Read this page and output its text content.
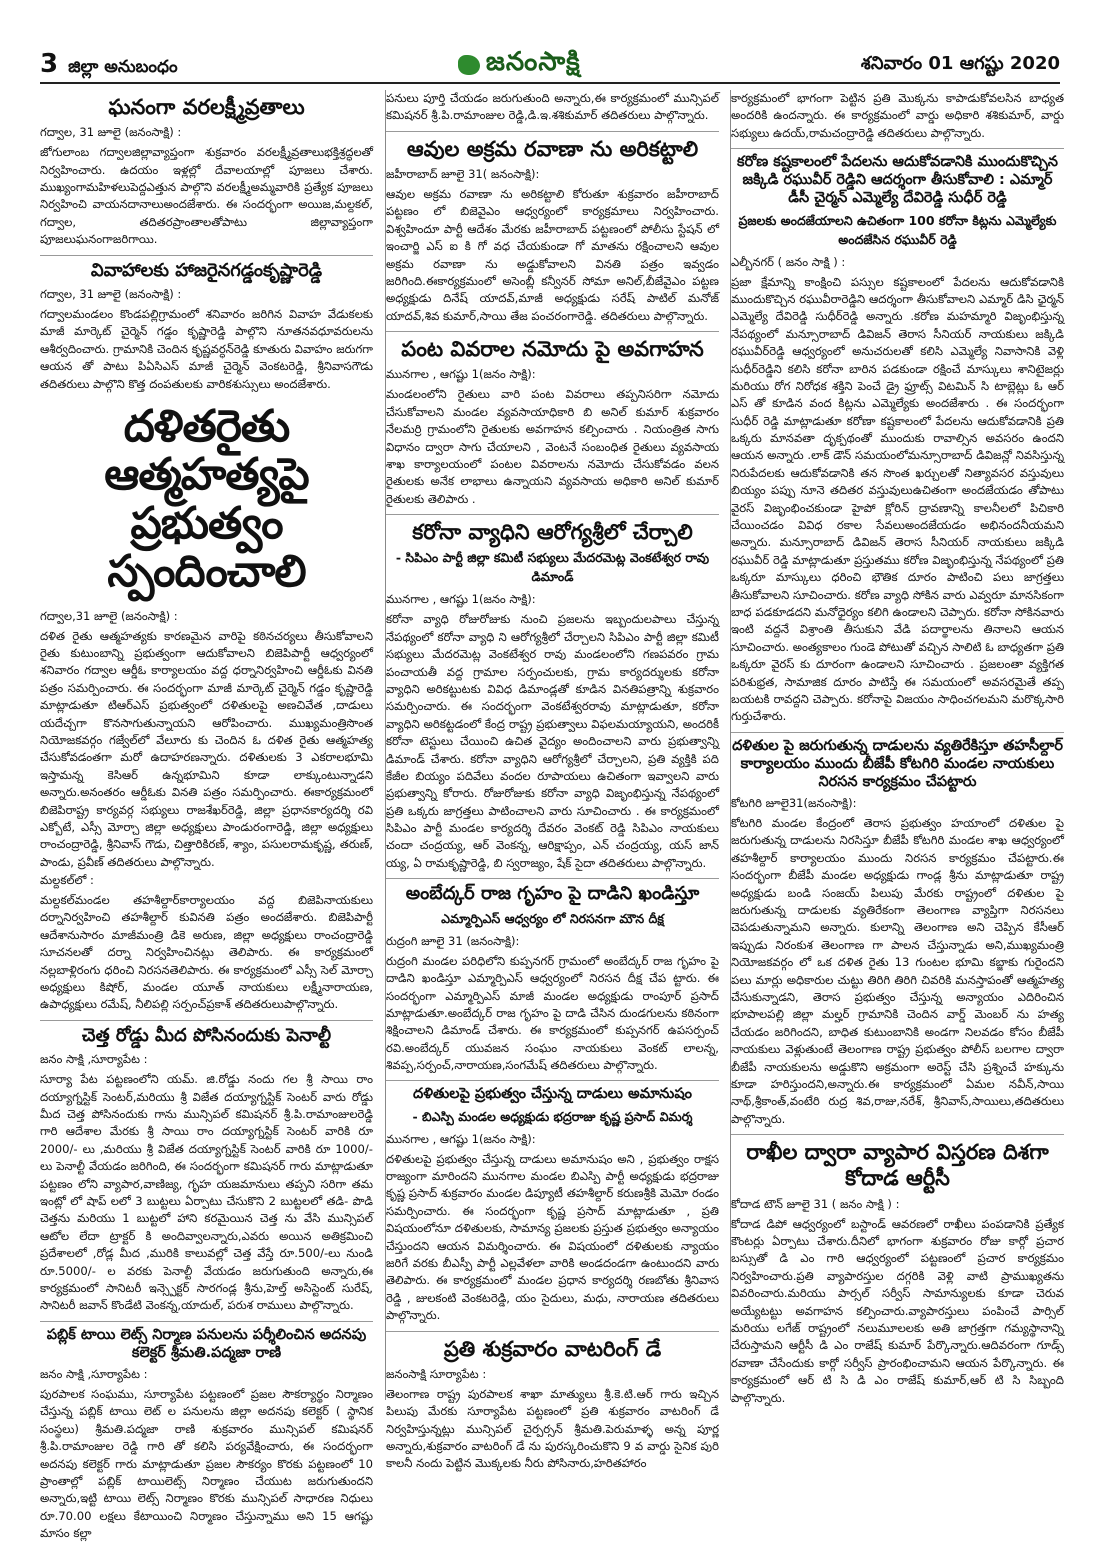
3 జిల్లా అనుబంధం	జనంసాక్షి	శనివారం 01 ఆగష్టు 2020
ఘనంగా వరలక్ష్మీవ్రతాలు
గద్వాల, 31 జూలై (జనంసాక్షి) :

జోగులాంబ గద్వాలజిల్లావ్యాప్తంగా శుక్రవారం వరలక్ష్మీవ్రతాలుభక్తిశ్రద్ధలతో నిర్వహించారు. ఉదయం ఇళ్లల్లో దేవాలయాల్లో పూజలు చేశారు. ముఖ్యంగామహిళలుపెద్దఎత్తున పాల్గొని వరలక్ష్మీఅమ్మవారికి ప్రత్యేక పూజలు నిర్వహించి వాయనదానాలుఅందజేశారు. ఈ సందర్భంగా అయిజ,మల్దకల్, గద్వాల, తదితరప్రాంతాలతోపాటు జిల్లావ్యాప్తంగా పూజలుఘనంగాజరిగాయి.

వివాహాలకు హాజరైనగడ్డంకృష్ణారెడ్డి
గద్వాల, 31 జూలై (జనంసాక్షి) :

గద్వాలమండలం కొండపల్లిగ్రామంలో శనివారం జరిగిన వివాహ వేడుకలకు మాజీ మార్కెట్ చైర్మెన్ గడ్డం కృష్ణారెడ్డి పాల్గొని నూతనవధూవరులను ఆశీర్వదించారు. గ్రామానికి చెందిన కృష్ణవర్ధన్‌రెడ్డి కూతురు వివాహం జరుగగా ఆయన తో పాటు పిఏసిఎస్ మాజీ చైర్మెన్ వెంకటరెడ్డి, శ్రీనివాసగౌడు తదితరులు పాల్గొని కొత్త దంపతులకు వారికశుస్సులు అందజేశారు.

దళితరైతు ఆత్మహత్యపై ప్రభుత్వం స్పందించాలి
గద్వాల,31 జూలై (జనంసాక్షి) :

దళిత రైతు ఆత్మహత్యకు కారణమైన వారిపై కఠినచర్యలు తీసుకోవాలని రైతు కుటుంబాన్ని ప్రభుత్వంగా ఆదుకోవాలని బిజెపిపార్టీ ఆధ్వర్యంలో శనివారం గద్వాల ఆర్డీఓ కార్యాలయం వద్ద ధర్నానిర్వహించి ఆర్డీఓకు వినతి పత్రం సమర్పించారు. ఈ సందర్భంగా మాజీ మార్కెట్ చైర్మెన్ గడ్డం కృష్ణారెడ్డి మాట్లాడుతూ టిఆర్ఎస్ ప్రభుత్వంలో దళితులపై అణచివేత ,దాడులు యదేచ్చగా కొనసాగుతున్నాయని ఆరోపించారు. ముఖ్యమంత్రిసొంత నియోజకవర్గం గజ్వేల్‌లో వేలూరు కు చెందిన ఓ దళిత రైతు ఆత్మహత్య చేసుకోవడంతగా మరో ఉదాహరణన్నారు. దళితులకు 3 ఎకరాలభూమి ఇస్తామన్న కెసిఆర్ ఉన్నభూమిని కూడా లాక్కుంటున్నాడని అన్నారు.అనంతరం ఆర్డీఓకు వినతి పత్రం సమర్పించారు. ఈకార్యక్రమంలో బిజెపిరాష్ట్ర కార్యవర్గ సభ్యులు రాజశేఖర్‌రెడ్డి, జిల్లా ప్రధానకార్యదర్శి రవి ఎక్బోటే, ఎస్సీ మోర్చా జిల్లా అధ్యక్షులు పాండురంగారెడ్డి, జిల్లా అధ్యక్షులు రాంచంద్రారెడ్డి, శ్రీనివాస్ గౌడు, చిత్తారికిరణ్, శ్యాం, పసులరామకృష్ణ, తరుణ్, పాండు, ప్రవీణ్ తదితరులు పాల్గొన్నారు.

మల్దకల్‌లో :

మల్దకల్‌మండల తహశీల్దార్‌కార్యాలయం వద్ద బిజెపినాయకులు దర్నానిర్వహించి తహశీల్దార్ కువినతి పత్రం అందజేశారు. బిజెపిపార్టీ ఆదేశానుసారం మాజీమంత్రి డికె అరుణ, జిల్లా అధ్యక్షులు రాంచంద్రారెడ్డి సూచనలతో దర్నా నిర్వహించినట్లు తెలిపారు. ఈ కార్యక్రమంలో నల్లబాళ్లిరంగు ధరించి నిరసనతెలిపారు. ఈ కార్యక్రమంలో ఎస్సీ సెల్ మోర్చా అధ్యక్షులు కిషోర్, మండల యూత్ నాయకులు లక్ష్మీనారాయణ, ఉపాధ్యక్షులు రమేష్, నీలిపల్లి సర్పంచ్‌ప్రకాశ్ తదితరులుపాల్గొన్నారు.

చెత్త రోడ్డు మీద పోసినందుకు పెనాల్టీ
జనం సాక్షి ,సూర్యాపేట :

సూర్యా పేట పట్టణంలోని యమ్. జి.రోడ్డు నందు గల శ్రీ సాయి రాం దయ్యాగ్నస్టిక్ సెంటర్,మరియు శ్రీ విజేత దయ్యాగ్నస్టిక్ సెంటర్ వారు రోడ్డు మీద చెత్త పోసినందుకు గాను మున్సిపల్ కమిషనర్ శ్రీ.పి.రామాంజులరెడ్డి గారి ఆదేశాల మేరకు శ్రీ సాయి రాం దయ్యాగ్నస్టిక్ సెంటర్ వారికి రూ 2000/- లు ,మరియు శ్రీ విజేత దయ్యాగ్నస్టిక్ సెంటర్ వారికి రూ 1000/- లు పెనాల్టీ వేయడం జరిగింది, ఈ సందర్భంగా కమిషనర్ గారు మాట్లాడుతూ పట్టణం లోని వ్యాపార,వాణిజ్య, గృహ యజమానులు తప్పని సరిగా తమ ఇంట్లో లో షాప్ లలో 3 బుట్టలు ఏర్పాటు చేసుకొని 2 బుట్టలలో తడి- పొడి చెత్తను మరియు 1 బుట్టలో హాని కరమైయిన చెత్త ను వేసి మున్సిపల్ ఆటోల లేదా ట్రాక్టర్ కి అందివ్వాలన్నారు,ఎవరు అయిన అతిక్రమించి ప్రదేశాలలో ,రోడ్ల మీద ,మురికి కాలువల్లో చెత్త వేస్తే రూ.500/-లు నుండి రూ.5000/- ల వరకు పెనాల్టీ వేయడం జరుగుతుంది అన్నారు,ఈ కార్యక్రమంలో సానిటరీ ఇన్స్పెక్టర్ సారగండ్ల శ్రీను,హెల్త్ అసిస్టెంట్ సురేష్, సానిటరీ జవాన్ కొండేటి వెంకన్న,యాదుల్, పరుశ రాములు పాల్గొన్నారు.

పబ్లిక్ టాయి లెట్స్ నిర్మాణ పనులను పర్శీలించిన అదనపు కలెక్టర్ శ్రీమతి.పద్మజా రాణి
జనం సాక్షి ,సూర్యాపేట :

పురపాలక సంఘము, సూర్యాపేట పట్టణంలో ప్రజల సౌకర్యార్థం నిర్మాణం చేస్తున్న పబ్లిక్ టాయి లెట్ ల పనులను జిల్లా అదనపు కలెక్టర్ ( స్థానిక సంస్థలు) శ్రీమతి.పద్మజా రాణి శుక్రవారం మున్సిపల్ కమిషనర్ శ్రీ.పి.రామాంజుల రెడ్డి గారి తో కలిసి పర్యవేక్షించారు, ఈ సందర్భంగా అదనపు కలెక్టర్ గారు మాట్లాడుతూ ప్రజల సౌకర్యం కొరకు పట్టణంలో 10 ప్రాంతాల్లో పబ్లిక్ టాయిలెట్స్ నిర్మాణం చేయుట జరుగుతుందని అన్నారు,ఇట్టి టాయి లెట్స్ నిర్మాణం కొరకు మున్సిపల్ సాధారణ నిధులు రూ.70.00 లక్షలు కేటాయించి నిర్మాణం చేస్తున్నాము అని 15 ఆగష్టు మాసం కల్లా

పనులు పూర్తి చేయడం జరుగుతుంది అన్నారు,ఈ కార్యక్రమంలో మున్సిపల్ కమిషనర్ శ్రీ.పి.రామాంజుల రెడ్డి,డి.ఇ.శశికుమార్ తదితరులు పాల్గొన్నారు.

ఆవుల అక్రమ రవాణా ను అరికట్టాలి
జహీరాబాద్ జూలై 31( జనంసాక్షి):

ఆవుల అక్రమ రవాణా ను అరికట్టాలి కోరుతూ శుక్రవారం జహీరాబాద్ పట్టణం లో బిజెవైఎం ఆధ్వర్యంలో కార్యక్రమాలు నిర్వహించారు. విశ్వహిందూ పార్టీ ఆదేశం మేరకు జహీరాబాద్ పట్టణంలో పోలీసు స్టేషన్ లో ఇంచార్జి ఎస్ ఐ కి గో వధ చేయకుండా గో మాతను రక్షించాలని ఆవుల అక్రమ రవాణా ను అడ్డుకోవాలని వినతి పత్రం ఇవ్వడం జరిగింది.ఈకార్యక్రమంలో అసెంబ్లీ కన్వీనర్ సోమా అనిల్,బీజేవైఎం పట్టణ అధ్యక్షుడు దినేష్ యాదవ్,మాజీ అధ్యక్షుడు సరేష్ పాటిల్ మనోజ్ యాదవ్,శివ కుమార్,సాయి తేజ పంచరంగారెడ్డి. తదితరులు పాల్గొన్నారు.

పంట వివరాల నమోదు పై అవగాహన
మునగాల , ఆగష్టు 1(జనం సాక్షి):

మండలంలోని రైతులు వారి పంట వివరాలు తప్పనిసరిగా నమోదు చేసుకోవాలని మండల వ్యవసాయాధికారి బి అనిల్ కుమార్ శుక్రవారం నేలమర్రి గ్రామంలోని రైతులకు అవగాహన కల్పించారు . నియంత్రిత సాగు విధానం ద్వారా సాగు చేయాలని , వెంటనే సంబంధిత రైతులు వ్యవసాయ శాఖ కార్యాలయంలో పంటల వివరాలను నమోదు చేసుకోవడం వలన రైతులకు అనేక లాభాలు ఉన్నాయని వ్యవసాయ అధికారి అనిల్ కుమార్ రైతులకు తెలిపారు .

కరోనా వ్యాధిని ఆరోగ్యశ్రీలో చేర్చాలి
- సిపిఎం పార్టీ జిల్లా కమిటీ సభ్యులు మేదరమెట్ల వెంకటేశ్వర రావు డిమాండ్
మునగాల , ఆగష్టు 1(జనం సాక్షి):

కరోనా వ్యాధి రోజురోజుకు నుంచి ప్రజలను ఇబ్బందులపాలు చేస్తున్న నేపథ్యంలో కరోనా వ్యాధి ని ఆరోగ్యశ్రీలో చేర్చాలని సిపిఎం పార్టీ జిల్లా కమిటీ సభ్యులు మేదరమెట్ల వెంకటేశ్వర రావు మండలంలోని గణపవరం గ్రామ పంచాయతీ వద్ద గ్రామాల సర్పంచులకు, గ్రామ కార్యదర్శులకు కరోనా వ్యాధిని అరికట్టుటకు వివిధ డిమాండ్లతో కూడిన వినతిపత్రాన్ని శుక్రవారం సమర్పించారు. ఈ సందర్భంగా వెంకటేశ్వరరావు మాట్లాడుతూ, కరోనా వ్యాధిని అరికట్టడంలో కేంద్ర రాష్ట్ర ప్రభుత్వాలు విఫలమయ్యాయని, అందరికీ కరోనా టెస్టులు చేయించి ఉచిత వైద్యం అందించాలని వారు ప్రభుత్వాన్ని డిమాండ్ చేశారు. కరోనా వ్యాధిని ఆరోగ్యశ్రీలో చేర్చాలని, ప్రతి వ్యక్తికి పది కేజీల బియ్యం పదివేలు వందల రూపాయలు ఉచితంగా ఇవ్వాలని వారు ప్రభుత్వాన్ని కోరారు. రోజురోజుకు కరోనా వ్యాధి విజృంభిస్తున్న నేపథ్యంలో ప్రతి ఒక్కరు జాగ్రత్తలు పాటించాలని వారు సూచించారు . ఈ కార్యక్రమంలో సిపిఎం పార్టీ మండల కార్యదర్శి దేవరం వెంకట్ రెడ్డి సిపిఎం నాయకులు చందా చంద్రయ్య, ఆర్ వెంకన్న, ఆరిక్షాప్పం, ఎన్ చంద్రయ్య, యస్ జాన్ య్య, ఏ రామకృష్ణారెడ్డి, బి స్వరాజ్యం, షేక్ సైదా తదితరులు పాల్గొన్నారు.

అంబేద్కర్ రాజ గృహం పై దాడిని ఖండిస్తూ
ఎమ్మార్పిఎస్ ఆధ్వర్యం లో నిరసనగా మౌన దీక్ష
రుద్రంగి జూలై 31 (జనంసాక్షి):

రుద్రంగి మండల పరిధిలోని కుప్పనగర్ గ్రామంలో అంబేద్కర్ రాజ గృహం పై దాడిని ఖండిస్తూ ఎమ్మార్పిఎస్ ఆధ్వర్యంలో నిరసన దీక్ష చేప ట్టారు. ఈ సందర్భంగా ఎమ్మార్పిఎస్ మాజీ మండల అధ్యక్షుడు రాంపూర్ ప్రసాద్ మాట్లాడుతూ.అంబేద్కర్ రాజ గృహం పై దాడి చేసిన దుండగులను కఠినంగా శిక్షించాలని డిమాండ్ చేశారు. ఈ కార్యక్రమంలో కుప్పనగర్ ఉపసర్పంచ్ రవి.అంబేద్కర్ యువజన సంఘం నాయకులు వెంకట్ లాలన్న, శివప్ప,సర్పంచ్,నారాయణ,సంగమేష్ తదితరులు పాల్గొన్నారు.

దళితులపై ప్రభుత్వం చేస్తున్న దాడులు అమానుషం
- బిఎస్పి మండల అధ్యక్షుడు భద్రరాజు కృష్ణ ప్రసాద్ విమర్శ
మునగాల , ఆగష్టు 1(జనం సాక్షి):

దళితులపై ప్రభుత్వం చేస్తున్న దాడులు అమానుషం అని , ప్రభుత్వం రాక్షస రాజ్యంగా మారిందని మునగాల మండల బిఎస్పి పార్టీ అధ్యక్షుడు భద్రరాజు కృష్ణ ప్రసాద్ శుక్రవారం మండల డిప్యూటీ తహశీల్దార్ కరుణశ్రీకి మెమో రండం సమర్పించారు. ఈ సందర్భంగా కృష్ణ ప్రసాద్ మాట్లాడుతూ , ప్రతి విషయంలోనూ దళితులకు, సామాన్య ప్రజలకు ప్రస్తుత ప్రభుత్వం అన్యాయం చేస్తుందని ఆయన విమర్శించారు. ఈ విషయంలో దళితులకు న్యాయం జరిగే వరకు బీఎస్పీ పార్టీ ఎల్లవేళలా వారికి అండదండగా ఉంటుందని వారు తెలిపారు. ఈ కార్యక్రమంలో మండల ప్రధాన కార్యదర్శి రణబోతు శ్రీనివాస రెడ్డి , జులకంటి వెంకటరెడ్డి, యం సైదులు, మధు, నారాయణ తదితరులు పాల్గొన్నారు.

ప్రతి శుక్రవారం వాటరింగ్ డే
జనంసాక్షి సూర్యాపేట :

తెలంగాణ రాష్ట్ర పురపాలక శాఖా మాత్యులు శ్రీ.కె.టి.ఆర్ గారు ఇచ్చిన పిలుపు మేరకు సూర్యాపేట పట్టణంలో ప్రతి శుక్రవారం వాటరింగ్ డే నిర్వహిస్తున్నట్లు మున్సిపల్ చైర్పర్సన్ శ్రీమతి.పెరుమాళ్ళ అన్న పూర్ణ అన్నారు,శుక్రవారం వాటరింగ్ డే ను పురస్కరించుకొని 9 వ వార్డు సైనిక పురి కాలనీ నందు పెట్టిన మొక్కలకు నీరు పోసినారు,హరితహారం

కార్యక్రమంలో భాగంగా పెట్టిన ప్రతి మొక్కను కాపాడుకోవలసిన బాధ్యత అందరికి ఉందన్నారు. ఈ కార్యక్రమంలో వార్డు అధికారి శశికుమార్, వార్డు సభ్యులు ఉదయ్,రామచంద్రారెడ్డి తదితరులు పాల్గొన్నారు.

కరోణ కష్టకాలంలో పేదలను ఆదుకోవడానికి ముందుకొచ్చిన జక్కిడి రఘువీర్ రెడ్డిని ఆదర్శంగా తీసుకోవాలి : ఎమ్మార్ డీసీ చైర్మన్ ఎమ్మెల్యే దేవిరెడ్డి సుధీర్ రెడ్డి
ప్రజలకు అందజేయాలని ఉచితంగా 100 కరోనా కిట్లను ఎమ్మెల్యేకు అందజేసిన రఘువీర్ రెడ్డి
ఎల్బీనగర్ ( జనం సాక్షి ) :

ప్రజా క్షేమాన్ని కాంక్షించి పస్సుల కష్టకాలంలో పేదలను ఆదుకోవడానికి ముందుకొచ్చిన రఘువీరారెడ్డిని ఆదర్శంగా తీసుకోవాలని ఎమ్మార్ డిసి ఛైర్మన్ ఎమ్మెల్యే దేవిరెడ్డి సుధీర్‌రెడ్డి అన్నారు .కరోణ మహమ్మారి విజృంభిస్తున్న నేపథ్యంలో మన్సూరాబాద్ డివిజన్ తెరాస సీనియర్ నాయకులు జక్కిడి రఘువీర్‌రెడ్డి ఆధ్వర్యంలో అనుచరులతో కలిసి ఎమ్మెల్యే నివాసానికి వెళ్లి సుధీర్‌రెడ్డిని కలిసి కరోనా బారిన పడకుండా రక్షించే మాస్కులు శానిటైజర్లు మరియు రోగ నిరోధక శక్తిని పెంచే డ్రై ఫ్రూట్స్ విటమిన్ సి టాబ్లెట్లు ఓ ఆర్ ఎస్ తో కూడిన వంద కిట్లను ఎమ్మెల్యేకు అందజేశారు . ఈ సందర్భంగా సుధీర్ రెడ్డి మాట్లాడుతూ కరోణా కష్టకాలంలో పేదలను ఆదుకోవడానికి ప్రతి ఒక్కరు మానవతా దృక్పథంతో ముందుకు రావాల్సిన అవసరం ఉందని ఆయన అన్నారు .లాక్ డౌన్ సమయంలోమన్సూరాబాద్ డివిజన్లో నివసిస్తున్న నిరుపేదలకు ఆదుకోవడానికి తన సొంత ఖర్చులతో నిత్యావసర వస్తువులు బియ్యం పప్పు నూనె తదితర వస్తువులుఉచితంగా అందజేయడం తోపాటు వైరస్ విజృంభించకుండా హైపో క్లోరిన్ ద్రావణాన్ని కాలనీలలో పిచికారి చేయించడం వివిధ రకాల సేవలుఅందజేయడం అభినందనీయమని అన్నారు. మన్సూరాబాద్ డివిజన్ తెరాస సీనియర్ నాయకులు జక్కిడి రఘువీర్ రెడ్డి మాట్లాడుతూ ప్రస్తుతము కరోణ విజృంభిస్తున్న నేపథ్యంలో ప్రతి ఒక్కరూ మాస్కులు ధరించి భౌతిక దూరం పాటించి పలు జాగ్రత్తలు తీసుకోవాలని సూచించారు. కరోణ వ్యాధి సోకిన వారు ఎవ్వరూ మానసికంగా బాధ పడకూడదని మనోధైర్యం కలిగి ఉండాలని చెప్పారు. కరోనా సోకినవారు ఇంటి వద్దనే విశ్రాంతి తీసుకుని వేడి పదార్థాలను తినాలని ఆయన సూచించారు. అంత్యకాలం గుండె పోటుతో వచ్చిన సాలిటి ఓ బాధ్యతగా ప్రతి ఒక్కరూ వైరస్ కు దూరంగా ఉండాలని సూచించారు . ప్రజలంతా వ్యక్తిగత పరిశుభ్రత, సామాజిక దూరం పాటిస్తే ఈ సమయంలో అవసరమైతే తప్ప బయటకి రావద్దని చెప్పారు. కరోనాపై విజయం సాధించగలమని మరొక్కసారి గుర్తుచేశారు.

దళితుల పై జరుగుతున్న దాడులను వ్యతిరేకిస్తూ తహసీల్దార్ కార్యాలయం ముందు బీజేపీ కోటగిరి మండల నాయకులు నిరసన కార్యక్రమం చేపట్టారు
కోటగిరి జూలై31(జనంసాక్షి):

కోటగిరి మండల కేంద్రంలో తెరాస ప్రభుత్వం హయాంలో దళితుల పై జరుగుతున్న దాడులను నిరసిస్తూ బీజేపీ కోటగిరి మండల శాఖ ఆధ్వర్యంలో తహశీల్దార్ కార్యాలయం ముందు నిరసన కార్యక్రమం చేపట్టారు.ఈ సందర్భంగా బీజేపీ మండల అధ్యక్షుడు గాండ్ల శ్రీను మాట్లాడుతూ రాష్ట్ర అధ్యక్షుడు బండి సంజయ్ పిలుపు మేరకు రాష్ట్రంలో దళితుల పై జరుగుతున్న దాడులకు వ్యతిరేకంగా తెలంగాణ వ్యాప్తిగా నిరసనలు చెపడుతున్నామని అన్నారు. కులాన్ని తెలంగాణ అని చెప్పిన కేసీఆర్ ఇప్పుడు నిరంకుశ తెలంగాణ గా పాలన చేస్తున్నాడు అని,ముఖ్యమంత్రి నియోజకవర్గం లో ఒక దళిత రైతు 13 గుంటల భూమి కబ్జాకు గురైందని పలు మార్లు అధికారుల చుట్టు తిరిగి తిరిగి చివరికి మనస్తాపంతో ఆత్మహత్య చేసుకున్నాడని, తెరాస ప్రభుత్వం చేస్తున్న అన్యాయం ఎదిరించిన భూపాలపల్లి జిల్లా మల్హర్ గ్రామానికి చెందిన వార్డ్ మెంబర్ ను హత్య చేయడం జరిగిందని, బాధిత కుటుంబానికి అండగా నిలవడం కోసం బీజేపీ నాయకులు వెళ్లుతుంటే తెలంగాణ రాష్ట్ర ప్రభుత్వం పోలీస్ బలగాల ద్వారా బీజేపీ నాయకులను అడ్డుకొని అక్రమంగా అరెస్ట్ చేసి ప్రశ్నించే హక్కును కూడా హరిస్తుందని,అన్నారు.ఈ కార్యక్రమంలో ఏమల నవీన్,సాయి నాథ్,శ్రీకాంత్,వంటేరి రుద్ర శివ,రాజు,నరేశ్, శ్రీనివాస్,సాయిలు,తదితరులు పాల్గొన్నారు.

రాఖీల ద్వారా వ్యాపార విస్తరణ దిశగా కోదాడ ఆర్టీసీ
కోదాడ టౌన్ జూలై 31 ( జనం సాక్షి ) :

కోదాడ డిపో ఆధ్వర్యంలో బస్టాండ్ ఆవరణలో రాఖీలు పంపడానికి ప్రత్యేక కౌంటర్లు ఏర్పాటు చేశారు.దీనిలో భాగంగా శుక్రవారం రోజు కార్గో ప్రచార బస్సుతో డి ఎం గారి ఆధ్వర్యంలో పట్టణంలో ప్రచార కార్యక్రమం నిర్వహించారు.ప్రతి వ్యాపారస్తుల దగ్గరికి వెళ్లి వాటి ప్రాముఖ్యతను వివరించారు.మరియు పార్సల్ సర్వీస్ సామాన్యులకు కూడా చెరువ అయ్యేటట్టు అవగాహన కల్పించారు.వ్యాపారస్తులు పంపించే పార్సిల్ మరియు లగేజ్ రాష్ట్రంలో నలుమూలలకు అతి జాగ్రత్తగా గమ్యస్థానాన్ని చేరుస్తామని ఆర్టీసీ డి ఎం రాజేష్ కుమార్ పేర్కొన్నారు.ఆదివరంగా గూడ్స్ రవాణా చేసేందుకు కార్గో సర్వీస్ ప్రారంభించామని ఆయన పేర్కొన్నారు. ఈ కార్యక్రమంలో ఆర్ టి సి డి ఎం రాజేష్ కుమార్,ఆర్ టి సి సిబ్బంది పాల్గొన్నారు.
